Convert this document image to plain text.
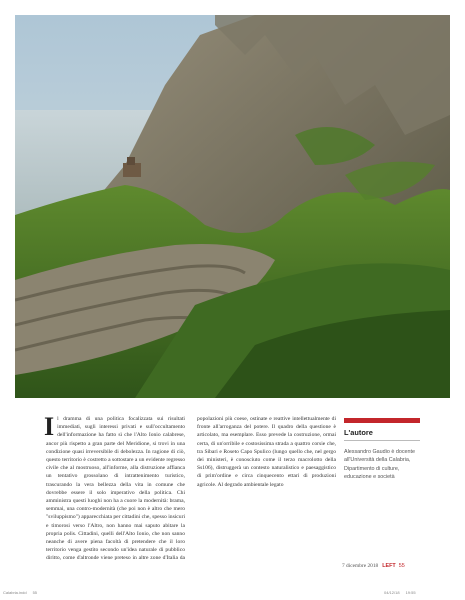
Il dramma di una politica focalizzata sui risultati immediati, sugli interessi privati e sull'occultamento dell'informazione ha fatto sì che l'Alto Ionio calabrese, ancor più rispetto a gran parte del Meridione, si trovi in una condizione quasi irreversibile di debolezza. In ragione di ciò, questo territorio è costretto a sottostare a un evidente regresso civile che al mostruoso, all'informe, alla distruzione affianca un tentativo grossolano di intrattenimento turistico, trascurando la vera bellezza della vita in comune che dovrebbe essere il solo imperativo della politica. Chi amministra questi luoghi non ha a cuore la modernità: brama, semmai, una contro-modernità (che poi non è altro che mero "sviluppismo") apparecchiata per cittadini che, spesso insicuri e timorosi verso l'Altro, non hanno mai saputo abitare la propria polis. Cittadini, quelli dell'Alto Ionio, che non sanno neanche di avere piena facoltà di pretendere che il loro territorio venga gestito secondo un'idea naturale di pubblico diritto, come d'altronde viene preteso in altre zone d'Italia da popolazioni più coese, ostinate e reattive intellettualmente di fronte all'arroganza del potere. Il quadro della questione è articolato, ma esemplare. Esso prevede la costruzione, ormai certa, di un'orribile e costosissima strada a quattro corsie che, tra Sibari e Roseto Capo Spulico (lungo quello che, nel gergo dei ministeri, è conosciuto come il terzo macrolotto della Ss106), distruggerà un contesto naturalistico e paesaggistico di prim'ordine e circa cinquecento ettari di produzioni agricole. Al degrado ambientale legato

L'autore
Alessandro Gaudio è docente all'Università della Calabria, Dipartimento di culture, educazione e società
7 dicembre 2018 LEFT 55
Calabria.indd 55	04/12/18 19:55
